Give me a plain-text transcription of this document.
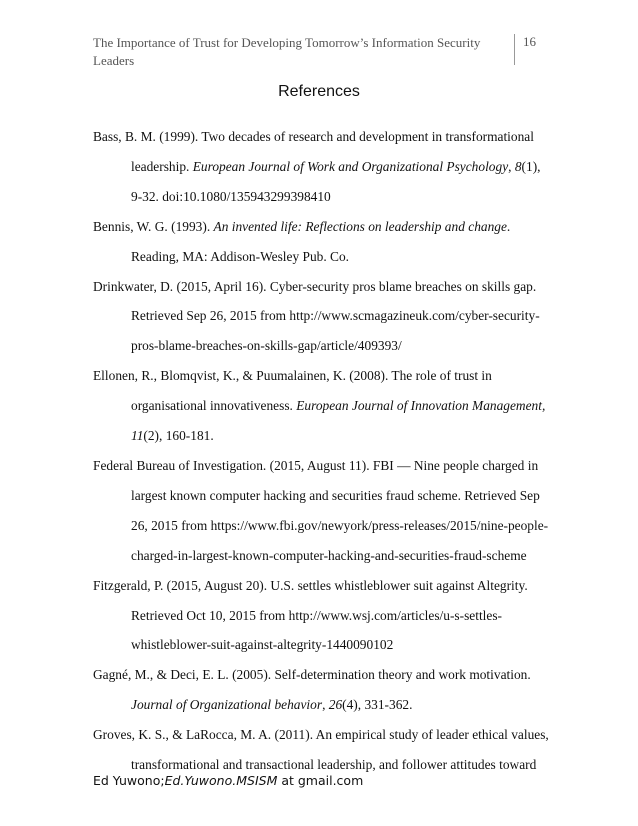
The Importance of Trust for Developing Tomorrow’s Information Security Leaders
16
References
Bass, B. M. (1999). Two decades of research and development in transformational leadership. European Journal of Work and Organizational Psychology, 8(1), 9-32. doi:10.1080/135943299398410
Bennis, W. G. (1993). An invented life: Reflections on leadership and change. Reading, MA: Addison-Wesley Pub. Co.
Drinkwater, D. (2015, April 16). Cyber-security pros blame breaches on skills gap. Retrieved Sep 26, 2015 from http://www.scmagazineuk.com/cyber-security-pros-blame-breaches-on-skills-gap/article/409393/
Ellonen, R., Blomqvist, K., & Puumalainen, K. (2008). The role of trust in organisational innovativeness. European Journal of Innovation Management, 11(2), 160-181.
Federal Bureau of Investigation. (2015, August 11). FBI — Nine people charged in largest known computer hacking and securities fraud scheme. Retrieved Sep 26, 2015 from https://www.fbi.gov/newyork/press-releases/2015/nine-people-charged-in-largest-known-computer-hacking-and-securities-fraud-scheme
Fitzgerald, P. (2015, August 20). U.S. settles whistleblower suit against Altegrity. Retrieved Oct 10, 2015 from http://www.wsj.com/articles/u-s-settles-whistleblower-suit-against-altegrity-1440090102
Gagné, M., & Deci, E. L. (2005). Self-determination theory and work motivation. Journal of Organizational behavior, 26(4), 331-362.
Groves, K. S., & LaRocca, M. A. (2011). An empirical study of leader ethical values, transformational and transactional leadership, and follower attitudes toward
Ed Yuwono;Ed.Yuwono.MSISM at gmail.com
